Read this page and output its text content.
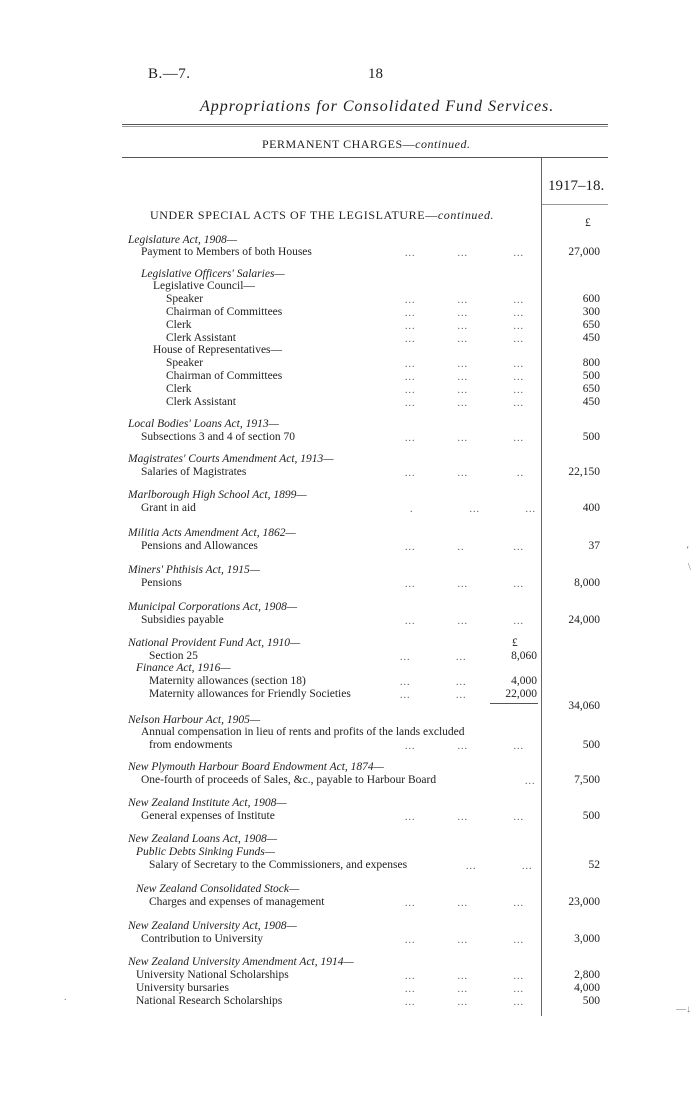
B.—7.	18
Appropriations for Consolidated Fund Services.
PERMANENT CHARGES—continued.
1917–18.
£
UNDER SPECIAL ACTS OF THE LEGISLATURE—continued.
Legislature Act, 1908—
Payment to Members of both Houses	...            ...             ...	27,000
Legislative Officers' Salaries—
Legislative Council—
Speaker	...            ...             ...	600
Chairman of Committees	...            ...             ...	300
Clerk	...            ...             ...	650
Clerk Assistant	...            ...             ...	450
House of Representatives—
Speaker	...            ...             ...	800
Chairman of Committees	...            ...             ...	500
Clerk	...            ...             ...	650
Clerk Assistant	...            ...             ...	450
Local Bodies' Loans Act, 1913—
Subsections 3 and 4 of section 70	...            ...             ...	500
Magistrates' Courts Amendment Act, 1913—
Salaries of Magistrates	...            ...              ..	22,150
Marlborough High School Act, 1899—
Grant in aid	.                ...             ...	400
Militia Acts Amendment Act, 1862—
Pensions and Allowances	...            ..              ...	37
Miners' Phthisis Act, 1915—
Pensions	...            ...             ...	8,000
Municipal Corporations Act, 1908—
Subsidies payable	...            ...             ...	24,000
National Provident Fund Act, 1910—	£
Section 25	...             ...	8,060
Finance Act, 1916—
Maternity allowances (section 18)	...             ...	4,000
Maternity allowances for Friendly Societies	...             ...	22,000
34,060
Nelson Harbour Act, 1905—
Annual compensation in lieu of rents and profits of the lands excluded
from endowments	...            ...             ...	500
New Plymouth Harbour Board Endowment Act, 1874—
One-fourth of proceeds of Sales, &c., payable to Harbour Board	...	7,500
New Zealand Institute Act, 1908—
General expenses of Institute	...            ...             ...	500
New Zealand Loans Act, 1908—
Public Debts Sinking Funds—
Salary of Secretary to the Commissioners, and expenses	...             ...	52
New Zealand Consolidated Stock—
Charges and expenses of management	...            ...             ...	23,000
New Zealand University Act, 1908—
Contribution to University	...            ...             ...	3,000
New Zealand University Amendment Act, 1914—
University National Scholarships	...            ...             ...	2,800
University bursaries	...            ...             ...	4,000
National Research Scholarships	...            ...             ...	500
‘
\
—↓
.
